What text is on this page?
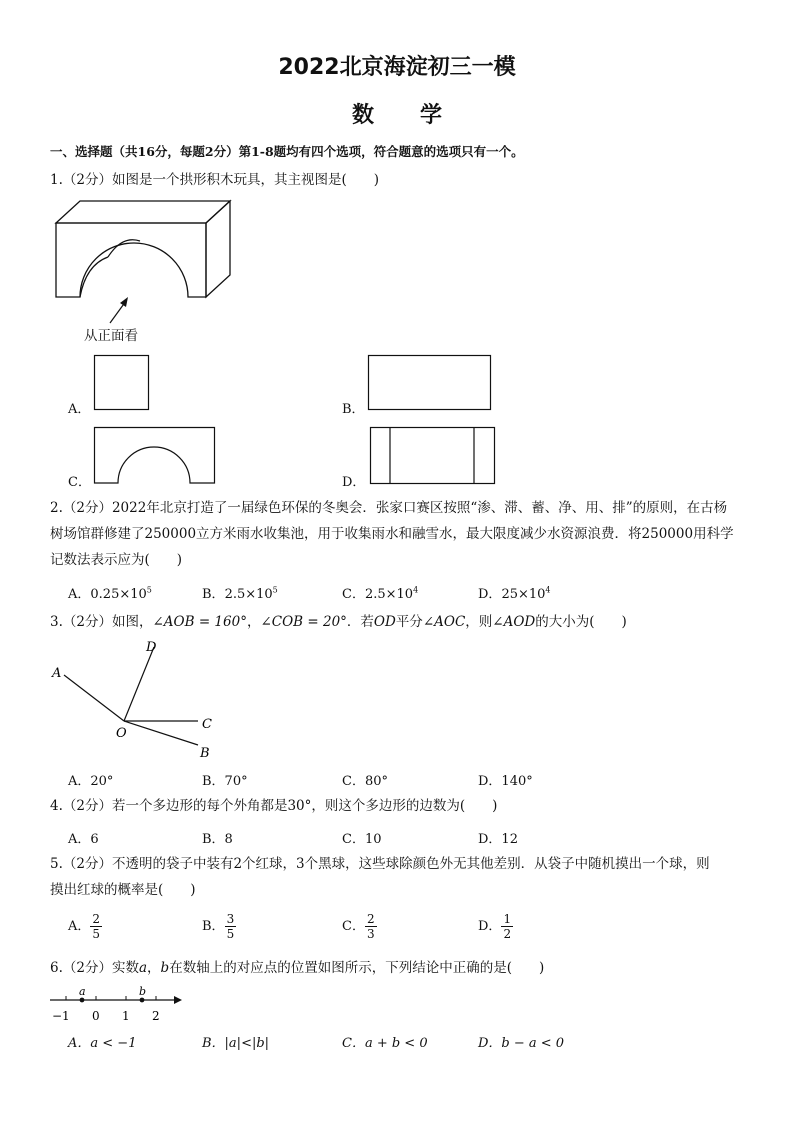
2022北京海淀初三一模
数学
一、选择题（共16分，每题2分）第1-8题均有四个选项，符合题意的选项只有一个。
1.（2分）如图是一个拱形积木玩具，其主视图是(　　)
从正面看
A．	B．
C．	D．
2.（2分）2022年北京打造了一届绿色环保的冬奥会．张家口赛区按照“渗、滞、蓄、净、用、排”的原则，在古杨
树场馆群修建了250000立方米雨水收集池，用于收集雨水和融雪水，最大限度减少水资源浪费．将250000用科学
记数法表示应为(　　)
A．$0.25\times 10^5$	B．$2.5\times 10^5$	C．$2.5\times 10^4$	D．$25\times 10^4$
3.（2分）如图，∠AOB = 160°，∠COB = 20°．若OD平分∠AOC，则∠AOD的大小为(　　)
A
D
C
B
O
A．20°	B．70°	C．80°	D．140°
4.（2分）若一个多边形的每个外角都是30°，则这个多边形的边数为(　　)
A．6	B．8	C．10	D．12
5.（2分）不透明的袋子中装有2个红球，3个黑球，这些球除颜色外无其他差别．从袋子中随机摸出一个球，则
摸出红球的概率是(　　)
A． $\frac{2}{5}$	B． $\frac{3}{5}$	C． $\frac{2}{3}$	D． $\frac{1}{2}$
6.（2分）实数a，b在数轴上的对应点的位置如图所示，下列结论中正确的是(　　)
a	b
−1 0 1 2
A．a < −1	B．|a|<|b|	C．a + b < 0	D．b − a < 0
